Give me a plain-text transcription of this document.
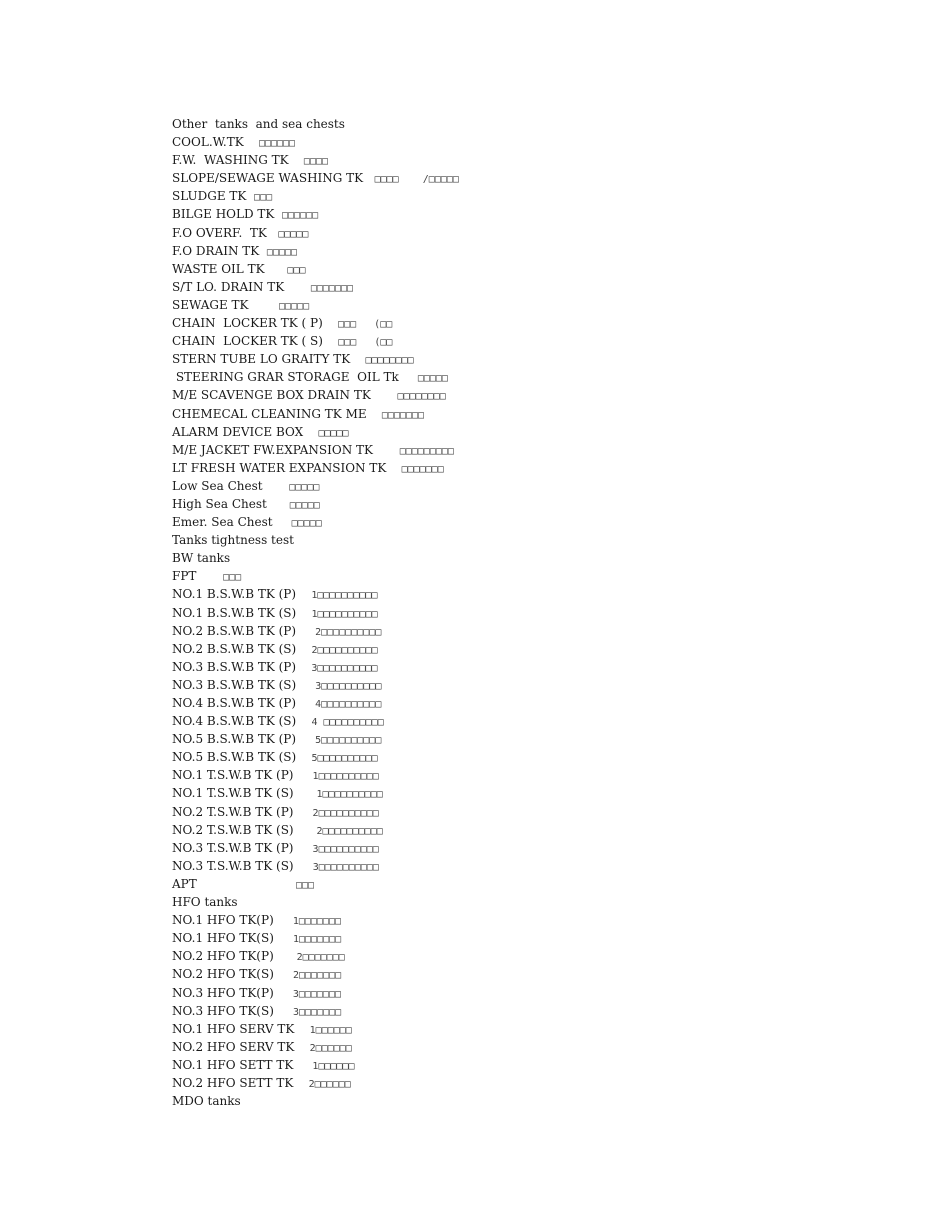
Other  tanks  and sea chests
COOL.W.TK □□□□□□
F.W.  WASHING TK □□□□
SLOPE/SEWAGE WASHING TK □□□□    /□□□□□
SLUDGE TK □□□
BILGE HOLD TK □□□□□□
F.O OVERF.  TK □□□□□
F.O DRAIN TK □□□□□
WASTE OIL TK □□□
S/T LO. DRAIN TK	□□□□□□□
SEWAGE TK	□□□□□
CHAIN  LOCKER TK ( P) □□□   (□□
CHAIN  LOCKER TK ( S) □□□   (□□
STERN TUBE LO GRAITY TK □□□□□□□□
STEERING GRAR STORAGE  OIL Tk □□□□□
M/E SCAVENGE BOX DRAIN TK	□□□□□□□□
CHEMECAL CLEANING TK ME □□□□□□□
ALARM DEVICE BOX □□□□□
M/E JACKET FW.EXPANSION TK	□□□□□□□□□
LT FRESH WATER EXPANSION TK □□□□□□□
Low Sea Chest	□□□□□
High Sea Chest □□□□□
Emer. Sea Chest □□□□□
Tanks tightness test
BW tanks
FPT	□□□
NO.1 B.S.W.B TK (P) 1□□□□□□□□□□
NO.1 B.S.W.B TK (S) 1□□□□□□□□□□
NO.2 B.S.W.B TK (P) 2□□□□□□□□□□
NO.2 B.S.W.B TK (S) 2□□□□□□□□□□
NO.3 B.S.W.B TK (P) 3□□□□□□□□□□
NO.3 B.S.W.B TK (S) 3□□□□□□□□□□
NO.4 B.S.W.B TK (P) 4□□□□□□□□□□
NO.4 B.S.W.B TK (S) 4 □□□□□□□□□□
NO.5 B.S.W.B TK (P) 5□□□□□□□□□□
NO.5 B.S.W.B TK (S) 5□□□□□□□□□□
NO.1 T.S.W.B TK (P) 1□□□□□□□□□□
NO.1 T.S.W.B TK (S) 1□□□□□□□□□□
NO.2 T.S.W.B TK (P) 2□□□□□□□□□□
NO.2 T.S.W.B TK (S) 2□□□□□□□□□□
NO.3 T.S.W.B TK (P) 3□□□□□□□□□□
NO.3 T.S.W.B TK (S) 3□□□□□□□□□□
APT	□□□
HFO tanks
NO.1 HFO TK(P) 1□□□□□□□
NO.1 HFO TK(S) 1□□□□□□□
NO.2 HFO TK(P) 2□□□□□□□
NO.2 HFO TK(S) 2□□□□□□□
NO.3 HFO TK(P) 3□□□□□□□
NO.3 HFO TK(S) 3□□□□□□□
NO.1 HFO SERV TK 1□□□□□□
NO.2 HFO SERV TK 2□□□□□□
NO.1 HFO SETT TK 1□□□□□□
NO.2 HFO SETT TK 2□□□□□□
MDO tanks
